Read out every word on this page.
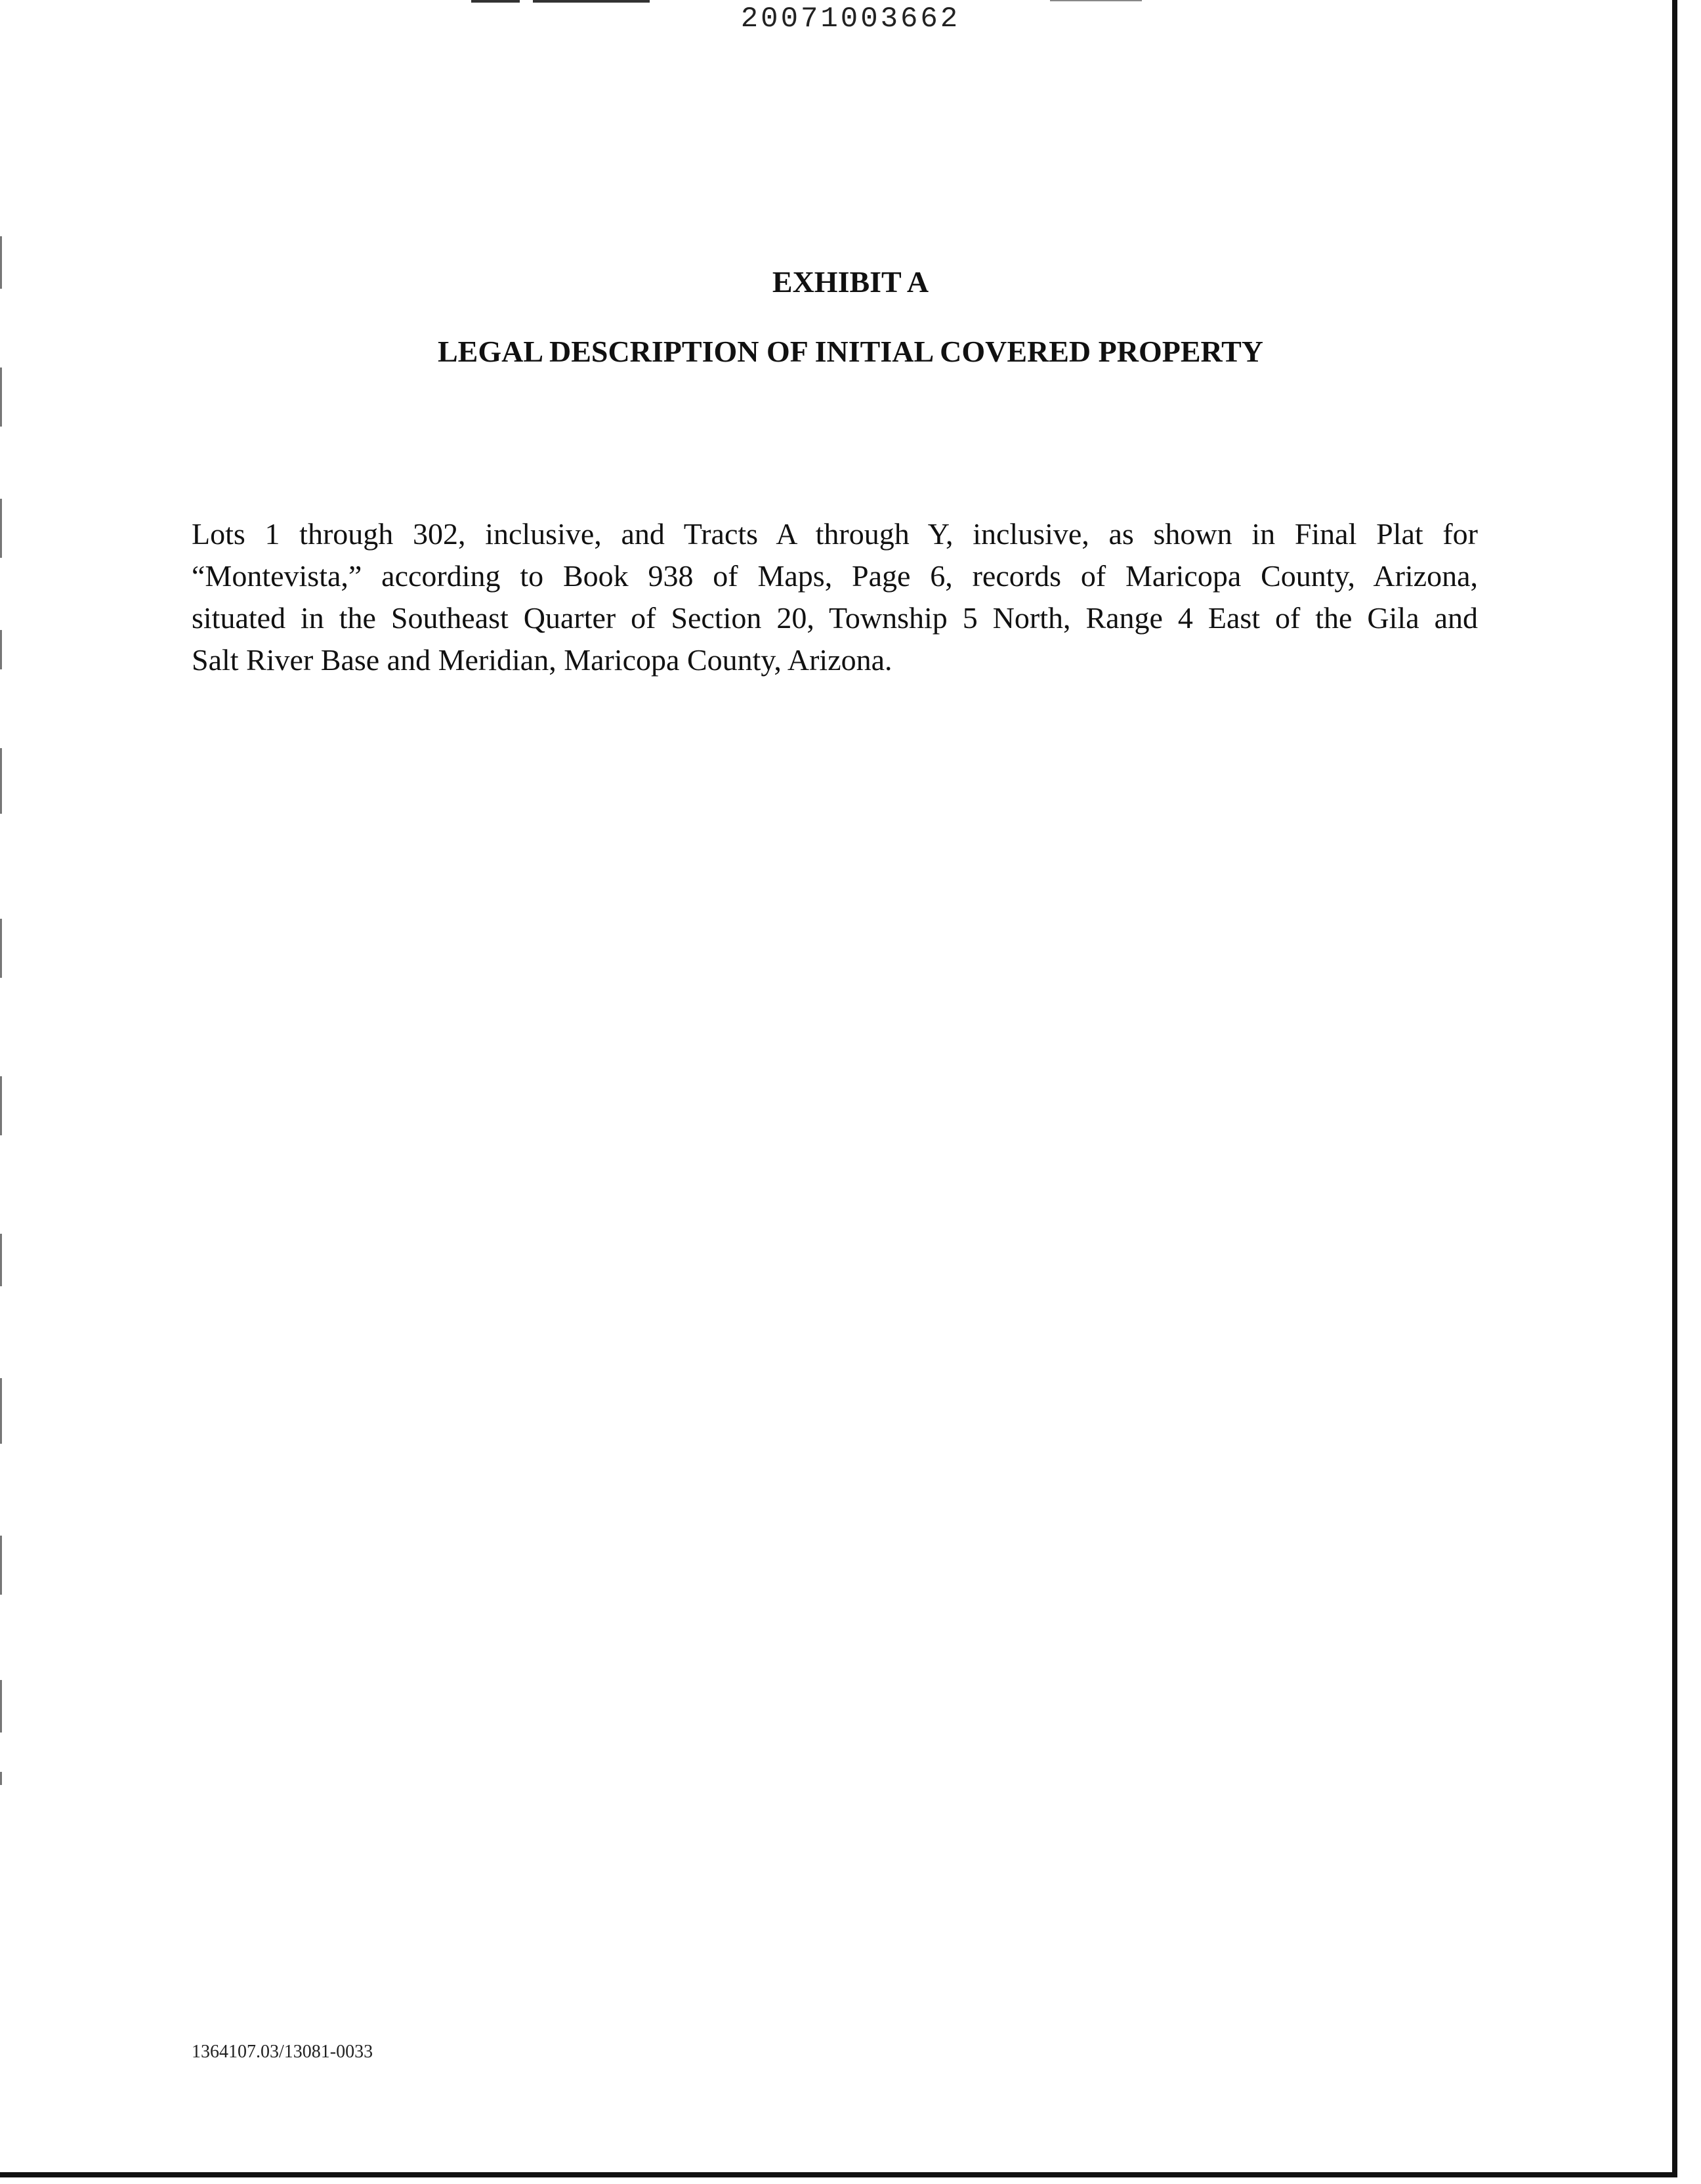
20071003662
EXHIBIT A
LEGAL DESCRIPTION OF INITIAL COVERED PROPERTY

Lots 1 through 302, inclusive, and Tracts A through Y, inclusive, as shown in Final Plat for
“Montevista,” according to Book 938 of Maps, Page 6, records of Maricopa County, Arizona,
situated in the Southeast Quarter of Section 20, Township 5 North, Range 4 East of the Gila and
Salt River Base and Meridian, Maricopa County, Arizona.

1364107.03/13081-0033
